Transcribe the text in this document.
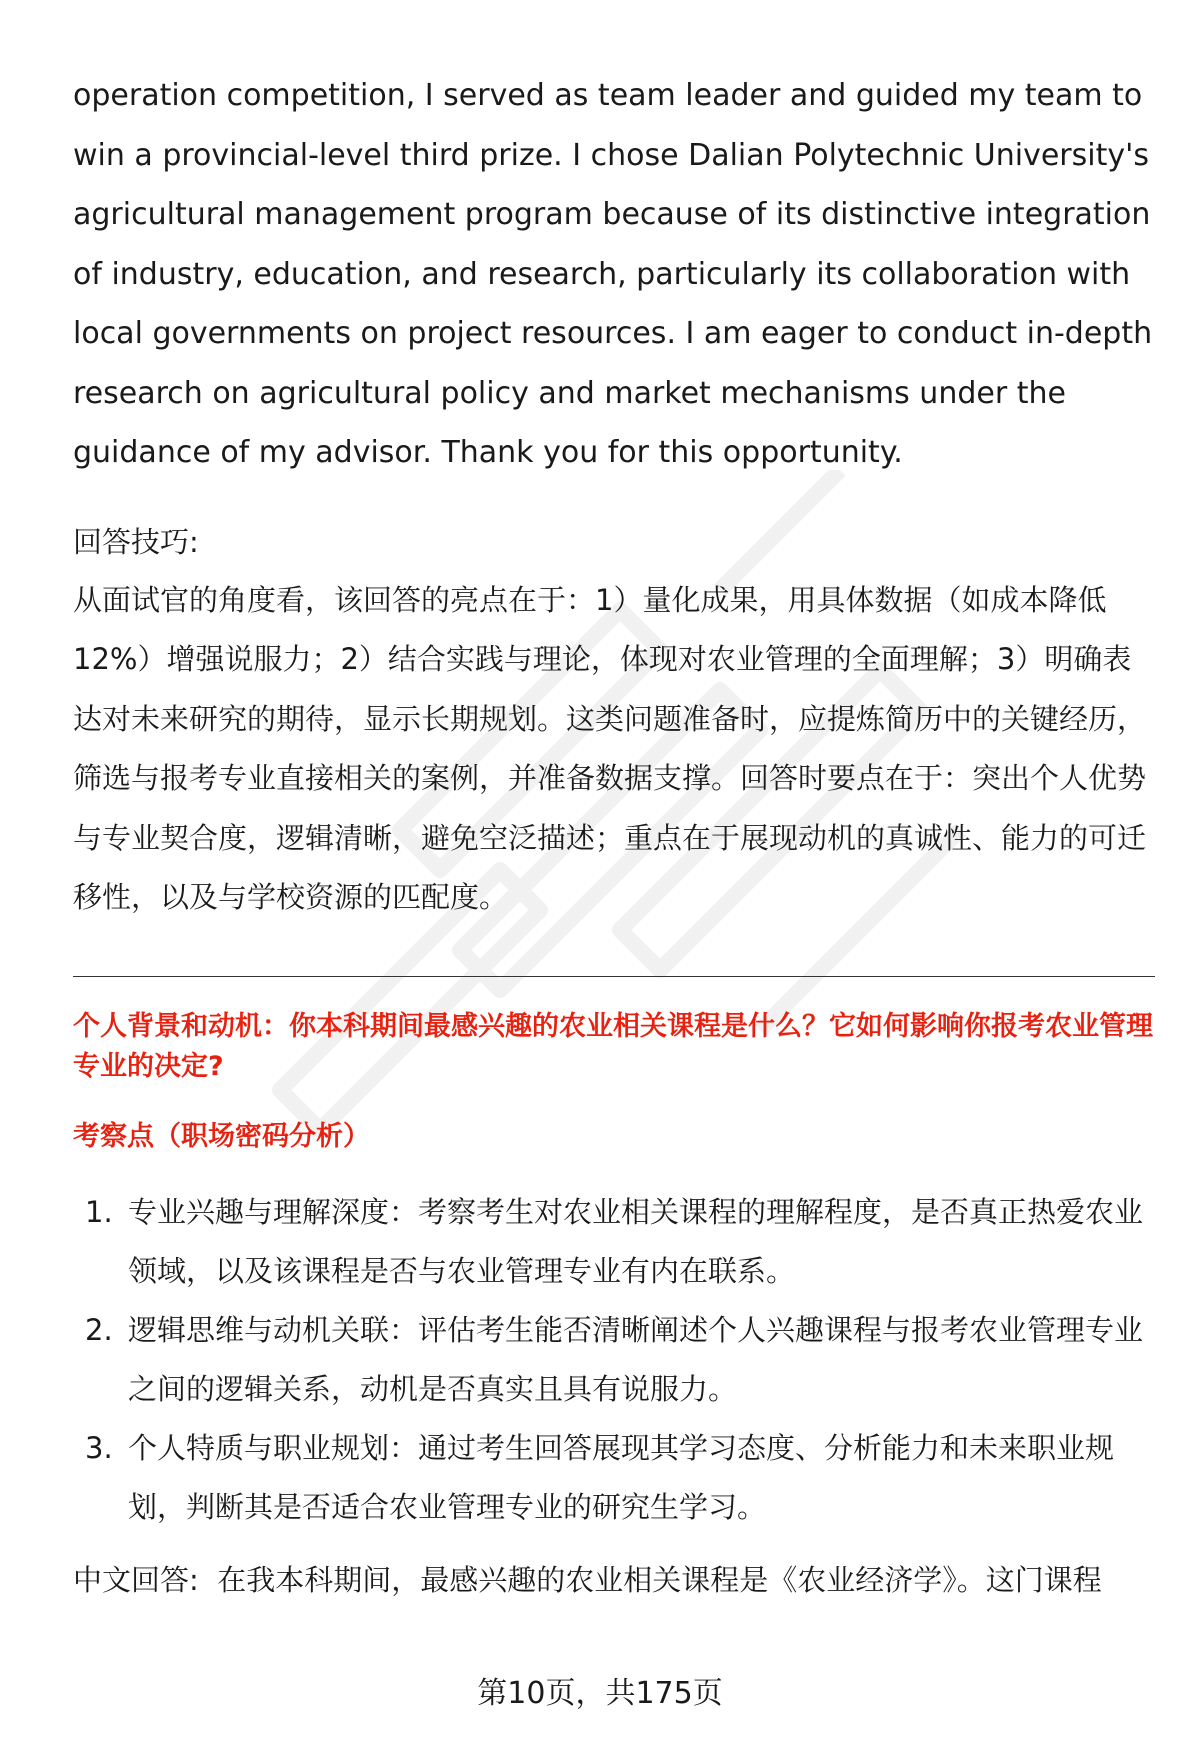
operation competition, I served as team leader and guided my team to win a provincial-level third prize. I chose Dalian Polytechnic University's agricultural management program because of its distinctive integration of industry, education, and research, particularly its collaboration with local governments on project resources. I am eager to conduct in-depth research on agricultural policy and market mechanisms under the guidance of my advisor. Thank you for this opportunity.

回答技巧:

从面试官的角度看，该回答的亮点在于：1）量化成果，用具体数据（如成本降低12%）增强说服力；2）结合实践与理论，体现对农业管理的全面理解；3）明确表达对未来研究的期待，显示长期规划。这类问题准备时，应提炼简历中的关键经历，筛选与报考专业直接相关的案例，并准备数据支撑。回答时要点在于：突出个人优势与专业契合度，逻辑清晰，避免空泛描述；重点在于展现动机的真诚性、能力的可迁移性，以及与学校资源的匹配度。

个人背景和动机：你本科期间最感兴趣的农业相关课程是什么？它如何影响你报考农业管理专业的决定?

考察点（职场密码分析）

1. 专业兴趣与理解深度：考察考生对农业相关课程的理解程度，是否真正热爱农业领域，以及该课程是否与农业管理专业有内在联系。
2. 逻辑思维与动机关联：评估考生能否清晰阐述个人兴趣课程与报考农业管理专业之间的逻辑关系，动机是否真实且具有说服力。
3. 个人特质与职业规划：通过考生回答展现其学习态度、分析能力和未来职业规划，判断其是否适合农业管理专业的研究生学习。

中文回答: 在我本科期间，最感兴趣的农业相关课程是《农业经济学》。这门课程

第10页，共175页
